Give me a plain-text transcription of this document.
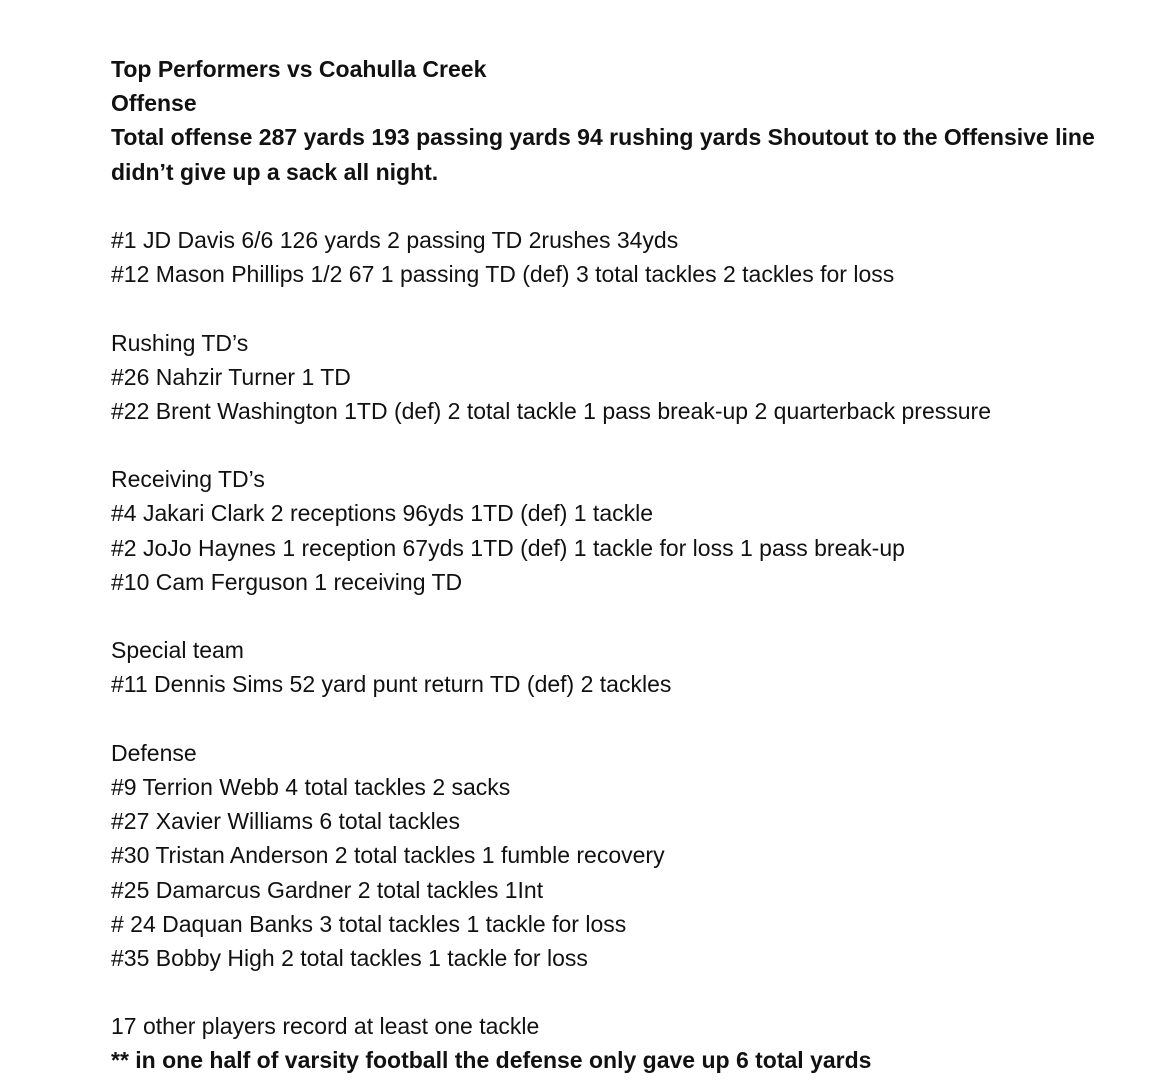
Top Performers vs Coahulla Creek
Offense
Total offense 287 yards 193 passing yards 94 rushing yards Shoutout to the Offensive line didn’t give up a sack all night.
#1 JD Davis 6/6 126 yards 2 passing TD 2rushes 34yds
#12 Mason Phillips 1/2 67 1 passing TD (def) 3 total tackles 2 tackles for loss
Rushing TD’s
#26 Nahzir Turner 1 TD
#22 Brent Washington 1TD (def) 2 total tackle 1 pass break-up 2 quarterback pressure
Receiving TD’s
#4 Jakari Clark 2 receptions 96yds 1TD (def) 1 tackle
#2 JoJo Haynes 1 reception 67yds 1TD (def) 1 tackle for loss 1 pass break-up
#10 Cam Ferguson 1 receiving TD
Special team
#11 Dennis Sims 52 yard punt return TD (def) 2 tackles
Defense
#9 Terrion Webb 4 total tackles 2 sacks
#27 Xavier Williams 6 total tackles
#30 Tristan Anderson 2 total tackles 1 fumble recovery
#25 Damarcus Gardner 2 total tackles 1Int
# 24 Daquan Banks 3 total tackles 1 tackle for loss
#35 Bobby High 2 total tackles 1 tackle for loss
17 other players record at least one tackle
** in one half of varsity football the defense only gave up 6 total yards
